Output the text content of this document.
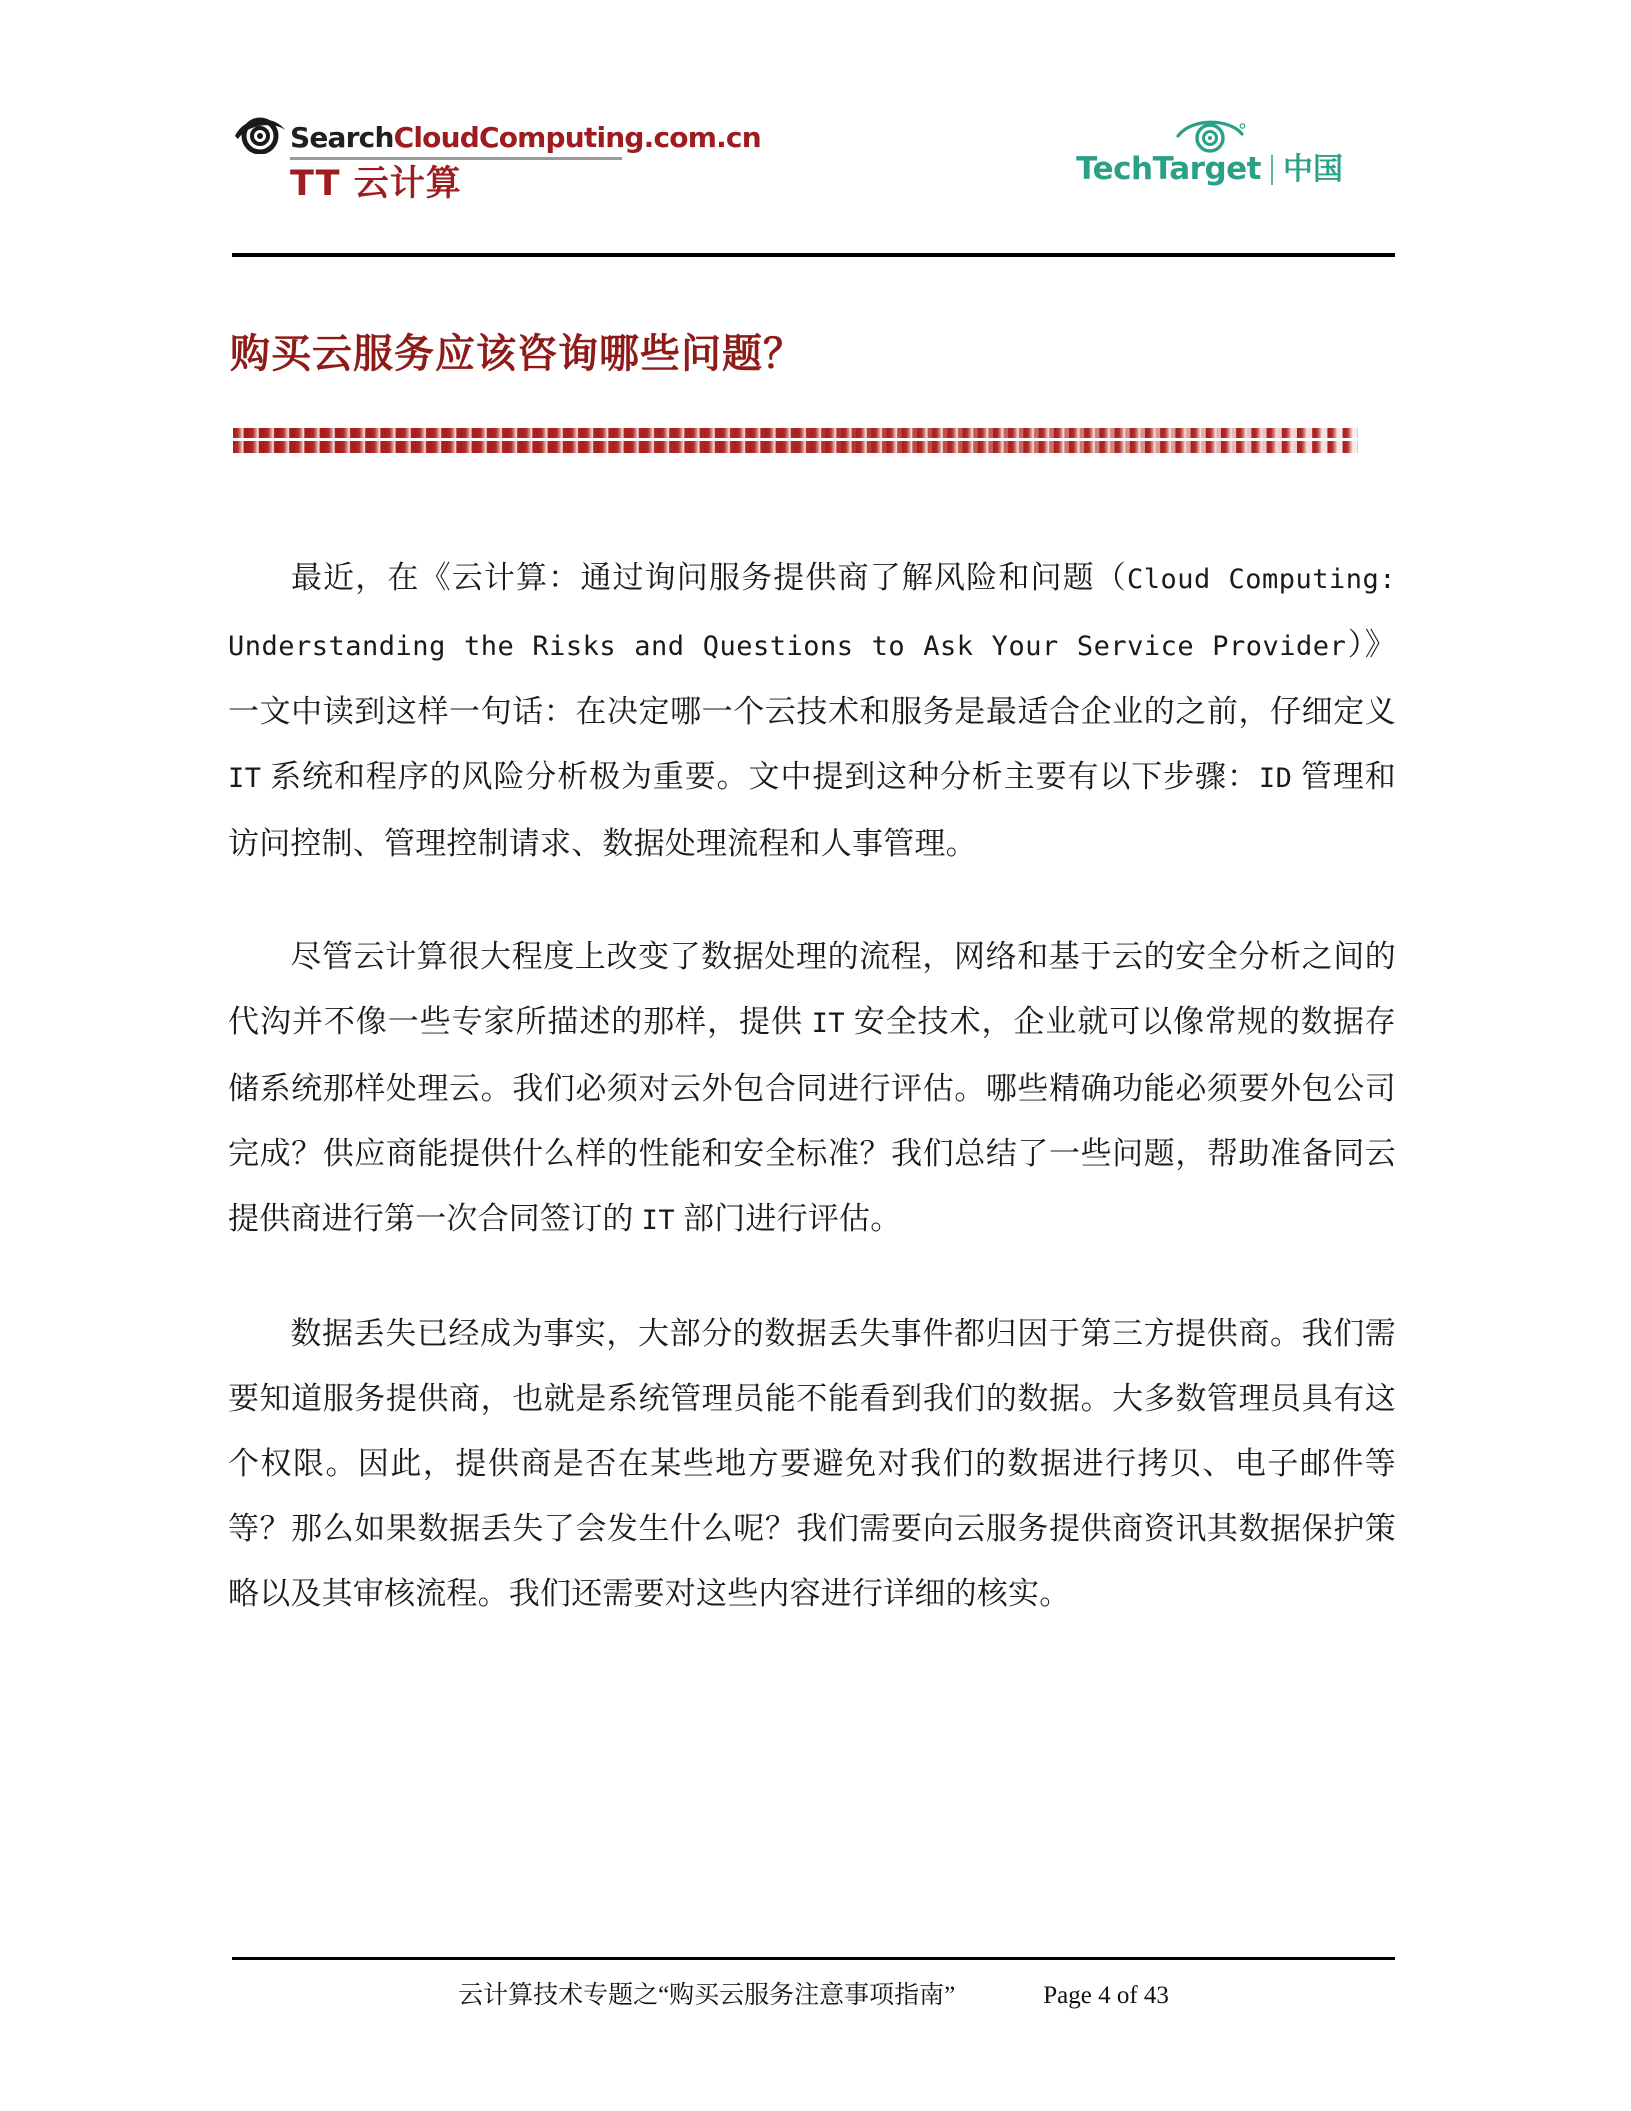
SearchCloudComputing.com.cn
TT 云计算	TechTarget 中国
购买云服务应该咨询哪些问题？

最近，在《云计算：通过询问服务提供商了解风险和问题（Cloud Computing: Understanding the Risks and Questions to Ask Your Service Provider）》一文中读到这样一句话：在决定哪一个云技术和服务是最适合企业的之前，仔细定义 IT 系统和程序的风险分析极为重要。文中提到这种分析主要有以下步骤：ID 管理和访问控制、管理控制请求、数据处理流程和人事管理。

尽管云计算很大程度上改变了数据处理的流程，网络和基于云的安全分析之间的代沟并不像一些专家所描述的那样，提供 IT 安全技术，企业就可以像常规的数据存储系统那样处理云。我们必须对云外包合同进行评估。哪些精确功能必须要外包公司完成？供应商能提供什么样的性能和安全标准？我们总结了一些问题，帮助准备同云提供商进行第一次合同签订的 IT 部门进行评估。

数据丢失已经成为事实，大部分的数据丢失事件都归因于第三方提供商。我们需要知道服务提供商，也就是系统管理员能不能看到我们的数据。大多数管理员具有这个权限。因此，提供商是否在某些地方要避免对我们的数据进行拷贝、电子邮件等等？那么如果数据丢失了会发生什么呢？我们需要向云服务提供商资讯其数据保护策略以及其审核流程。我们还需要对这些内容进行详细的核实。

云计算技术专题之“购买云服务注意事项指南”	Page 4 of 43
